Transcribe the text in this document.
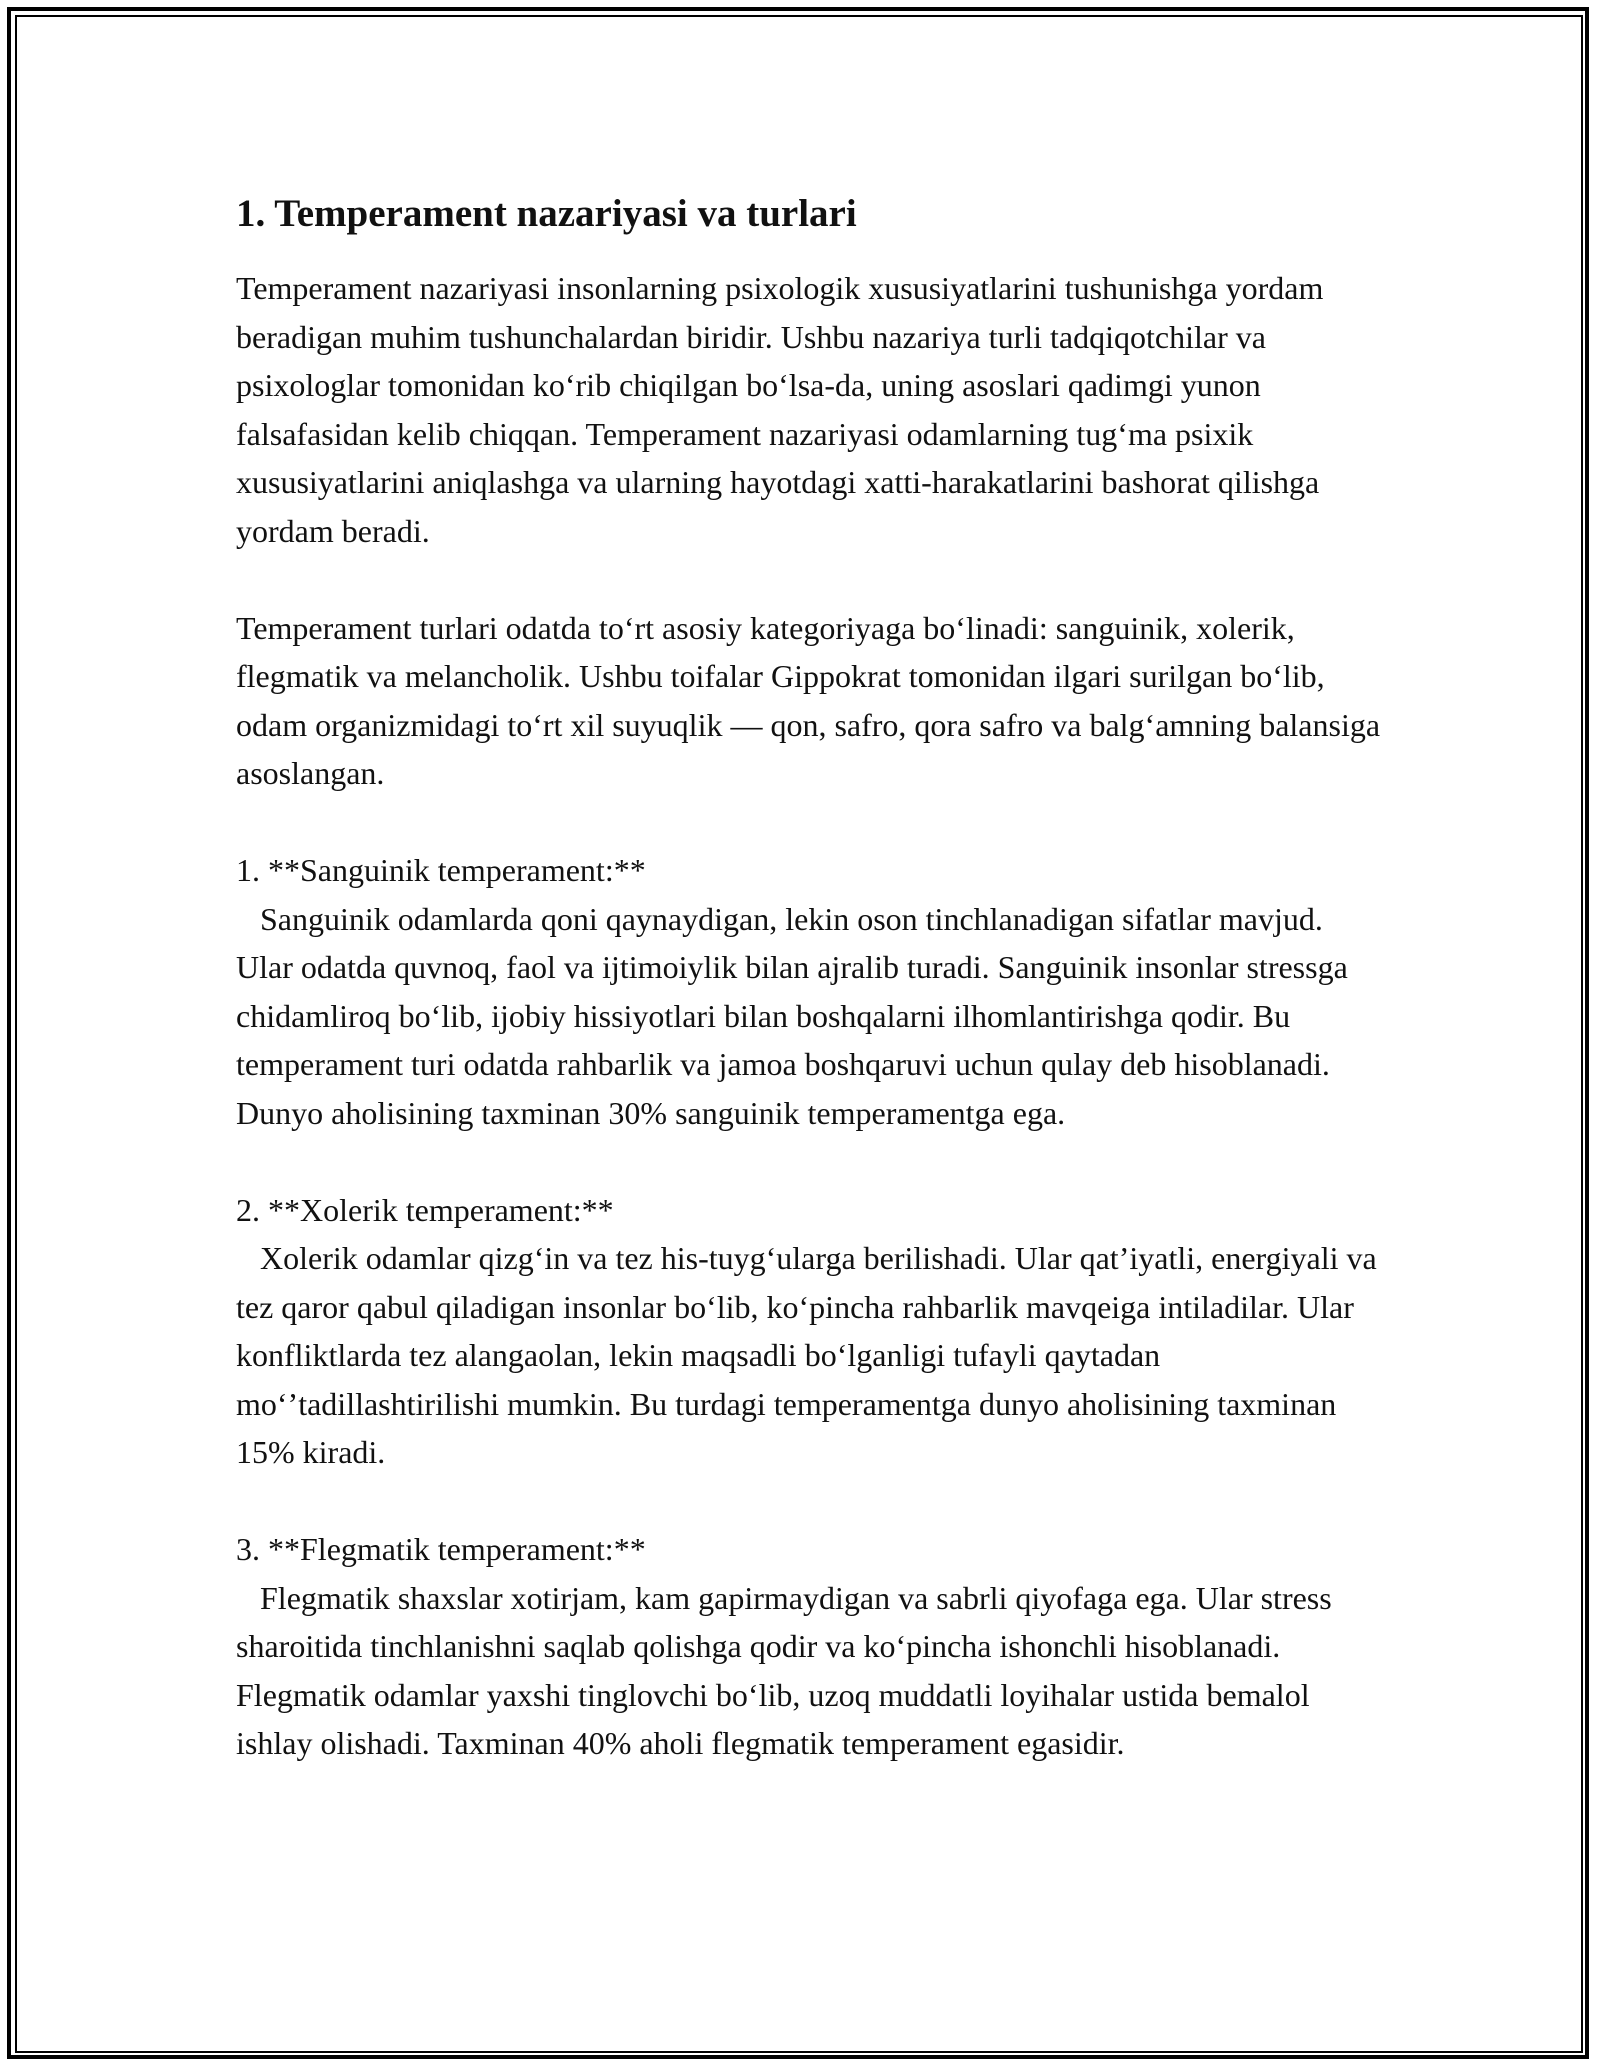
1. Temperament nazariyasi va turlari

Temperament nazariyasi insonlarning psixologik xususiyatlarini tushunishga yordam beradigan muhim tushunchalardan biridir. Ushbu nazariya turli tadqiqotchilar va psixologlar tomonidan koʻrib chiqilgan boʻlsa-da, uning asoslari qadimgi yunon falsafasidan kelib chiqqan. Temperament nazariyasi odamlarning tugʻma psixik xususiyatlarini aniqlashga va ularning hayotdagi xatti-harakatlarini bashorat qilishga yordam beradi.

Temperament turlari odatda toʻrt asosiy kategoriyaga boʻlinadi: sanguinik, xolerik, flegmatik va melancholik. Ushbu toifalar Gippokrat tomonidan ilgari surilgan boʻlib, odam organizmidagi toʻrt xil suyuqlik — qon, safro, qora safro va balgʻamning balansiga asoslangan.

1. **Sanguinik temperament:**
Sanguinik odamlarda qoni qaynaydigan, lekin oson tinchlanadigan sifatlar mavjud. Ular odatda quvnoq, faol va ijtimoiylik bilan ajralib turadi. Sanguinik insonlar stressga chidamliroq boʻlib, ijobiy hissiyotlari bilan boshqalarni ilhomlantirishga qodir. Bu temperament turi odatda rahbarlik va jamoa boshqaruvi uchun qulay deb hisoblanadi. Dunyo aholisining taxminan 30% sanguinik temperamentga ega.

2. **Xolerik temperament:**
Xolerik odamlar qizgʻin va tez his-tuygʻularga berilishadi. Ular qatʼiyatli, energiyali va tez qaror qabul qiladigan insonlar boʻlib, koʻpincha rahbarlik mavqeiga intiladilar. Ular konfliktlarda tez alangaolan, lekin maqsadli boʻlganligi tufayli qaytadan moʻʼtadillashtirilishi mumkin. Bu turdagi temperamentga dunyo aholisining taxminan 15% kiradi.

3. **Flegmatik temperament:**
Flegmatik shaxslar xotirjam, kam gapirmaydigan va sabrli qiyofaga ega. Ular stress sharoitida tinchlanishni saqlab qolishga qodir va koʻpincha ishonchli hisoblanadi. Flegmatik odamlar yaxshi tinglovchi boʻlib, uzoq muddatli loyihalar ustida bemalol ishlay olishadi. Taxminan 40% aholi flegmatik temperament egasidir.
